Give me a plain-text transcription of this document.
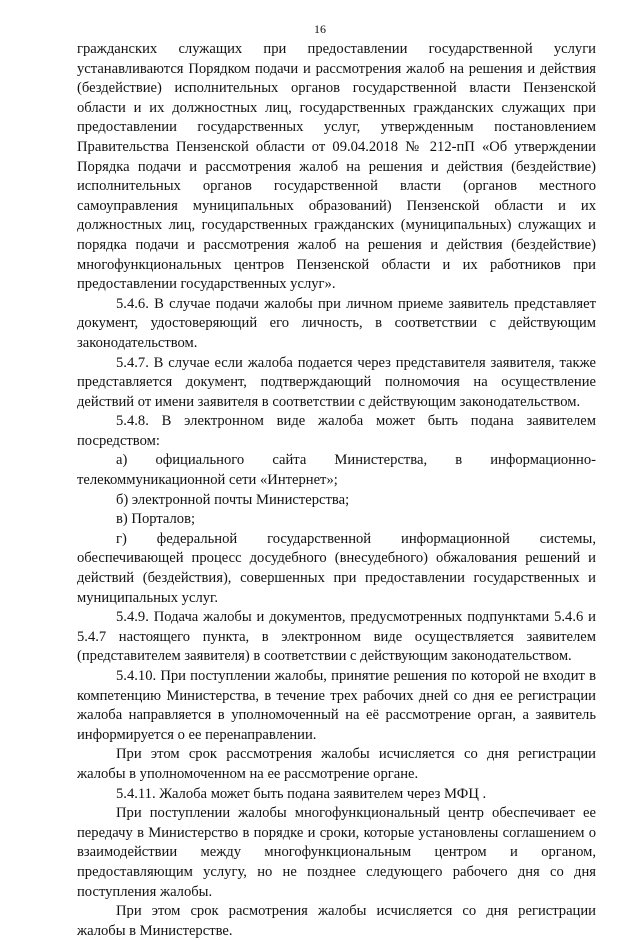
16

гражданских служащих при предоставлении государственной услуги устанавливаются Порядком подачи и рассмотрения жалоб на решения и действия (бездействие) исполнительных органов государственной власти Пензенской области и их должностных лиц, государственных гражданских служащих при предоставлении государственных услуг, утвержденным постановлением Правительства Пензенской области от 09.04.2018 № 212-пП «Об утверждении Порядка подачи и рассмотрения жалоб на решения и действия (бездействие) исполнительных органов государственной власти (органов местного самоуправления муниципальных образований) Пензенской области и их должностных лиц, государственных гражданских (муниципальных) служащих и порядка подачи и рассмотрения жалоб на решения и действия (бездействие) многофункциональных центров Пензенской области и их работников при предоставлении государственных услуг».

5.4.6. В случае подачи жалобы при личном приеме заявитель представляет документ, удостоверяющий его личность, в соответствии с действующим законодательством.

5.4.7. В случае если жалоба подается через представителя заявителя, также представляется документ, подтверждающий полномочия на осуществление действий от имени заявителя в соответствии с действующим законодательством.

5.4.8. В электронном виде жалоба может быть подана заявителем посредством:

а) официального сайта Министерства, в информационно-телекоммуникационной сети «Интернет»;

б) электронной почты Министерства;

в) Порталов;

г) федеральной государственной информационной системы, обеспечивающей процесс досудебного (внесудебного) обжалования решений и действий (бездействия), совершенных при предоставлении государственных и муниципальных услуг.

5.4.9. Подача жалобы и документов, предусмотренных подпунктами 5.4.6 и 5.4.7 настоящего пункта, в электронном виде осуществляется заявителем (представителем заявителя) в соответствии с действующим законодательством.

5.4.10. При поступлении жалобы, принятие решения по которой не входит в компетенцию Министерства, в течение трех рабочих дней со дня ее регистрации жалоба направляется в уполномоченный на её рассмотрение орган, а заявитель информируется о ее перенаправлении.

При этом срок рассмотрения жалобы исчисляется со дня регистрации жалобы в уполномоченном на ее рассмотрение органе.

5.4.11. Жалоба может быть подана заявителем через МФЦ .

При поступлении жалобы многофункциональный центр обеспечивает ее передачу в Министерство в порядке и сроки, которые установлены соглашением о взаимодействии между многофункциональным центром и органом, предоставляющим услугу, но не позднее следующего рабочего дня со дня поступления жалобы.

При этом срок расмотрения жалобы исчисляется со дня регистрации жалобы в Министерстве.
